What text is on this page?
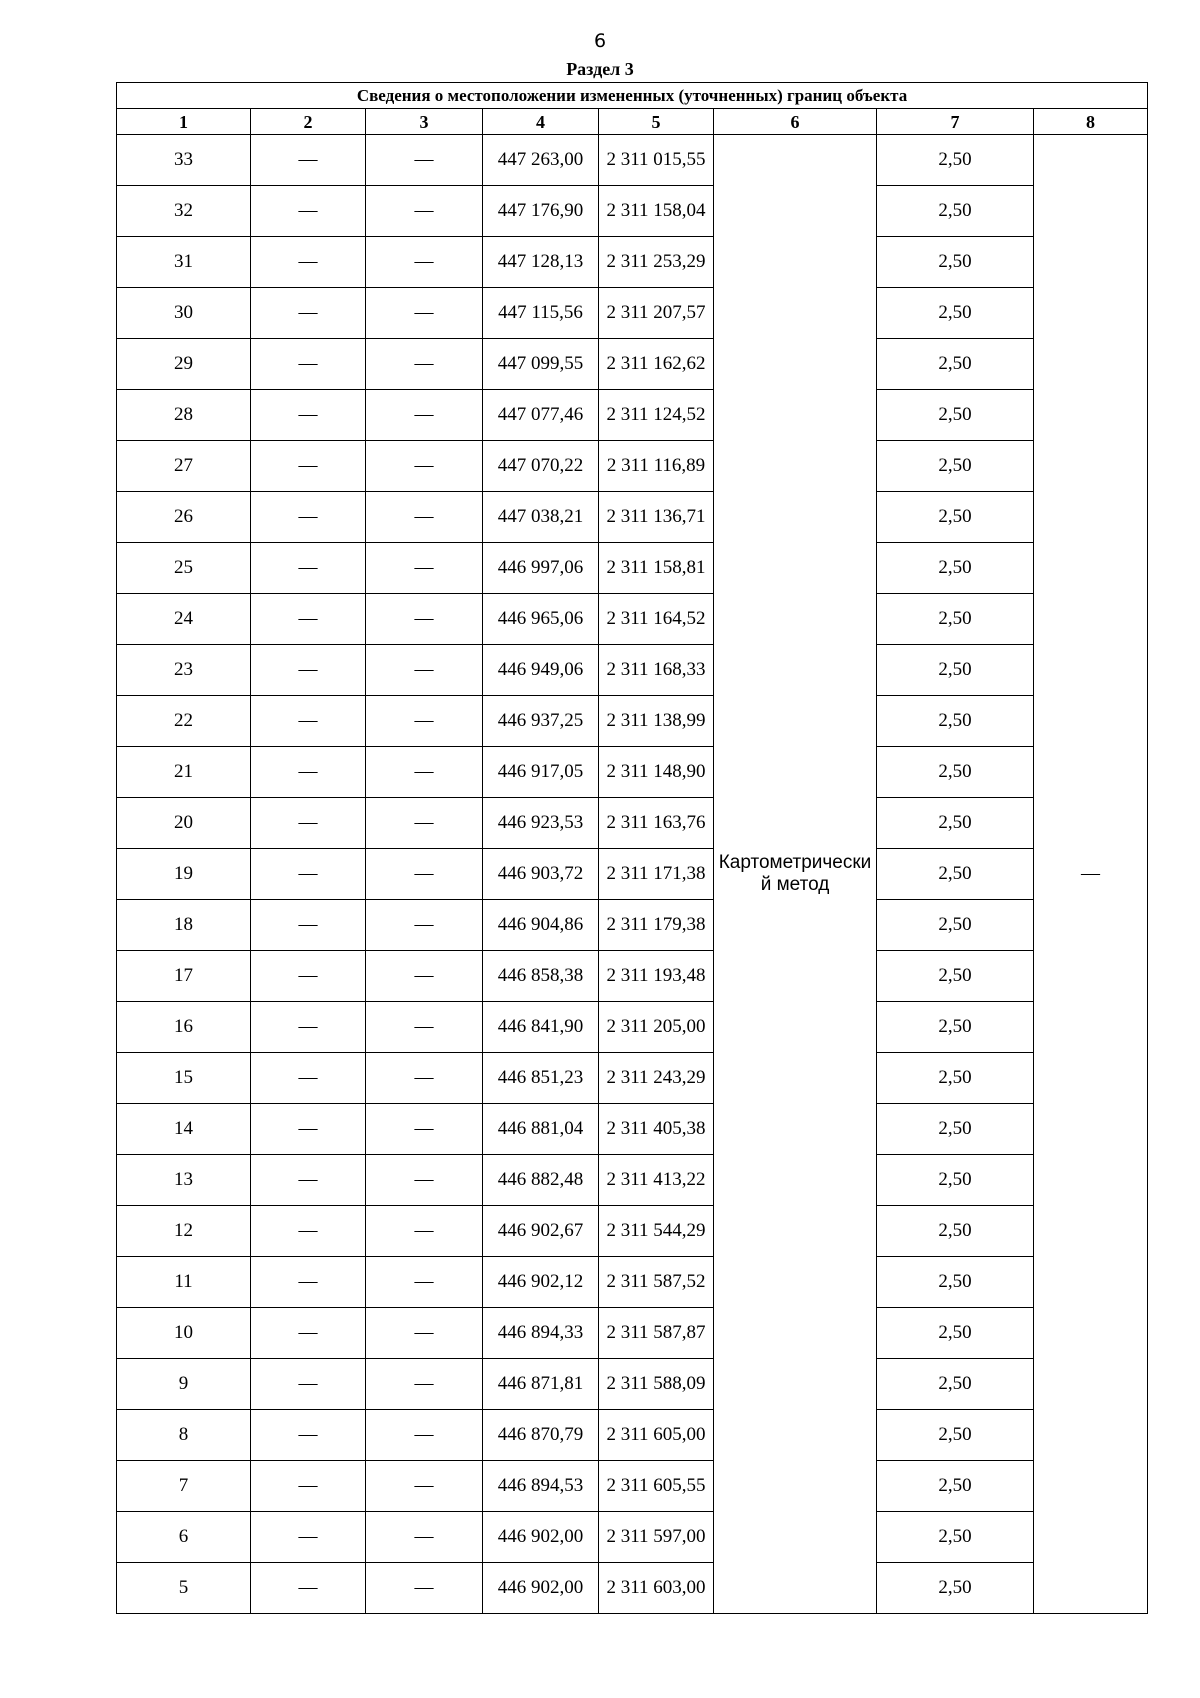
6
Раздел 3
Сведения о местоположении измененных (уточненных) границ объекта							
1	2	3	4	5	6	7	8
33	—	—	447 263,00	2 311 015,55	Картометрический метод	2,50	—
32	—	—	447 176,90	2 311 158,04		2,50	
31	—	—	447 128,13	2 311 253,29		2,50	
30	—	—	447 115,56	2 311 207,57		2,50	
29	—	—	447 099,55	2 311 162,62		2,50	
28	—	—	447 077,46	2 311 124,52		2,50	
27	—	—	447 070,22	2 311 116,89		2,50	
26	—	—	447 038,21	2 311 136,71		2,50	
25	—	—	446 997,06	2 311 158,81		2,50	
24	—	—	446 965,06	2 311 164,52		2,50	
23	—	—	446 949,06	2 311 168,33		2,50	
22	—	—	446 937,25	2 311 138,99		2,50	
21	—	—	446 917,05	2 311 148,90		2,50	
20	—	—	446 923,53	2 311 163,76		2,50	
19	—	—	446 903,72	2 311 171,38		2,50	
18	—	—	446 904,86	2 311 179,38		2,50	
17	—	—	446 858,38	2 311 193,48		2,50	
16	—	—	446 841,90	2 311 205,00		2,50	
15	—	—	446 851,23	2 311 243,29		2,50	
14	—	—	446 881,04	2 311 405,38		2,50	
13	—	—	446 882,48	2 311 413,22		2,50	
12	—	—	446 902,67	2 311 544,29		2,50	
11	—	—	446 902,12	2 311 587,52		2,50	
10	—	—	446 894,33	2 311 587,87		2,50	
9	—	—	446 871,81	2 311 588,09		2,50	
8	—	—	446 870,79	2 311 605,00		2,50	
7	—	—	446 894,53	2 311 605,55		2,50	
6	—	—	446 902,00	2 311 597,00		2,50	
5	—	—	446 902,00	2 311 603,00		2,50	
